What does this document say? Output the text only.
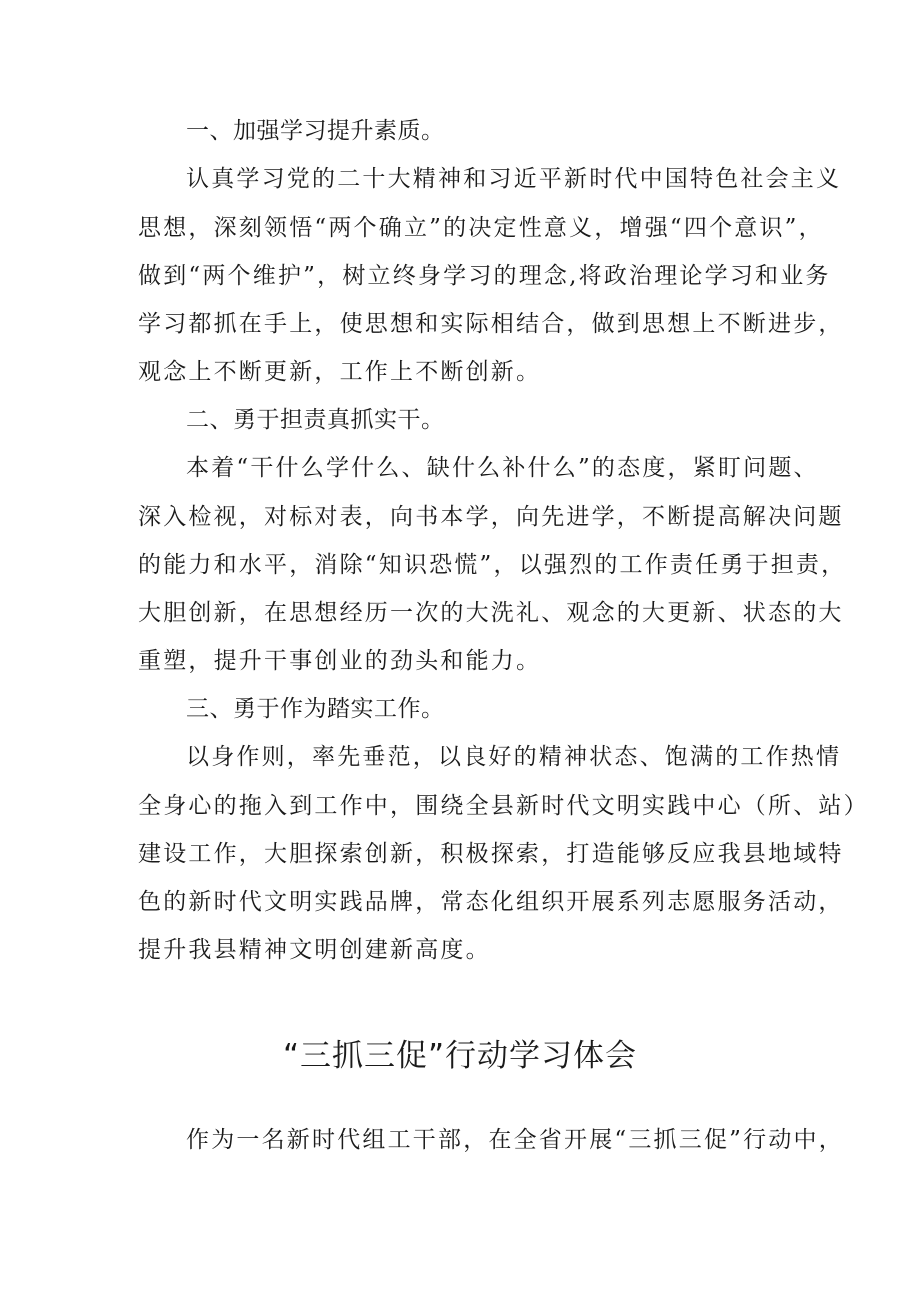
一、加强学习提升素质。
认真学习党的二十大精神和习近平新时代中国特色社会主义
思想，深刻领悟“两个确立”的决定性意义，增强“四个意识”，
做到“两个维护”，树立终身学习的理念,将政治理论学习和业务
学习都抓在手上，使思想和实际相结合，做到思想上不断进步，
观念上不断更新，工作上不断创新。
二、勇于担责真抓实干。
本着“干什么学什么、缺什么补什么”的态度，紧盯问题、
深入检视，对标对表，向书本学，向先进学，不断提高解决问题
的能力和水平，消除“知识恐慌”，以强烈的工作责任勇于担责，
大胆创新，在思想经历一次的大洗礼、观念的大更新、状态的大
重塑，提升干事创业的劲头和能力。
三、勇于作为踏实工作。
以身作则，率先垂范，以良好的精神状态、饱满的工作热情
全身心的拖入到工作中，围绕全县新时代文明实践中心（所、站）
建设工作，大胆探索创新，积极探索，打造能够反应我县地域特
色的新时代文明实践品牌，常态化组织开展系列志愿服务活动，
提升我县精神文明创建新高度。
“三抓三促”行动学习体会
作为一名新时代组工干部，在全省开展“三抓三促”行动中，
